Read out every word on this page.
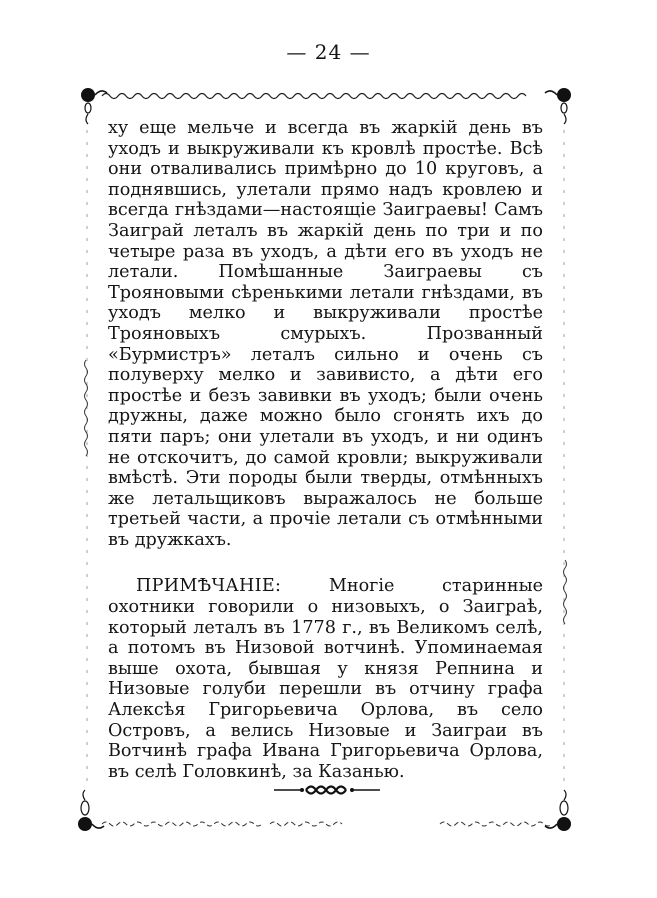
— 24 —

ху еще мельче и всегда въ жаркій день въ уходъ и выкруживали къ кровлѣ простѣе. Всѣ они отваливались примѣрно до 10 круговъ, а поднявшись, улетали прямо надъ кровлею и всегда гнѣздами—настоящіе Заиграевы! Самъ Заиграй леталъ въ жаркій день по три и по четыре раза въ уходъ, а дѣти его въ уходъ не летали. Помѣшанные Заиграевы съ Трояновыми сѣренькими летали гнѣздами, въ уходъ мелко и выкруживали простѣе Трояновыхъ смурыхъ. Прозванный «Бурмистръ» леталъ сильно и очень съ полуверху мелко и завивисто, а дѣти его простѣе и безъ завивки въ уходъ; были очень дружны, даже можно было сгонять ихъ до пяти паръ; они улетали въ уходъ, и ни одинъ не отскочитъ, до самой кровли; выкруживали вмѣстѣ. Эти породы были тверды, отмѣнныхъ же летальщиковъ выражалось не больше третьей части, а прочіе летали съ отмѣнными въ дружкахъ.

ПРИМѢЧАНІЕ: Многіе старинные охотники говорили о низовыхъ, о Заиграѣ, который леталъ въ 1778 г., въ Великомъ селѣ, а потомъ въ Низовой вотчинѣ. Упоминаемая выше охота, бывшая у князя Репнина и Низовые голуби перешли въ отчину графа Алексѣя Григорьевича Орлова, въ село Островъ, а велись Низовые и Заиграи въ Вотчинѣ графа Ивана Григорьевича Орлова, въ селѣ Головкинѣ, за Казанью.
